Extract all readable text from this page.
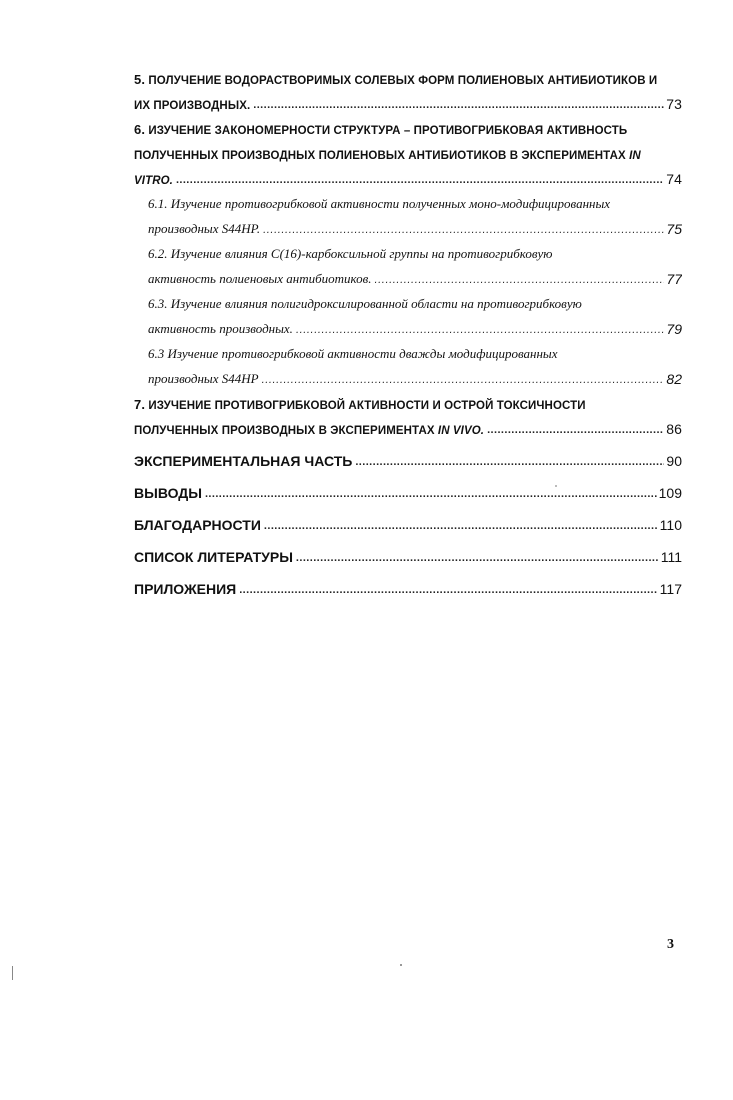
5. ПОЛУЧЕНИЕ ВОДОРАСТВОРИМЫХ СОЛЕВЫХ ФОРМ ПОЛИЕНОВЫХ АНТИБИОТИКОВ И
ИХ ПРОИЗВОДНЫХ. .....	73
6. ИЗУЧЕНИЕ ЗАКОНОМЕРНОСТИ СТРУКТУРА – ПРОТИВОГРИБКОВАЯ АКТИВНОСТЬ
ПОЛУЧЕННЫХ ПРОИЗВОДНЫХ ПОЛИЕНОВЫХ АНТИБИОТИКОВ В ЭКСПЕРИМЕНТАХ IN
VITRO. .....	74
6.1. Изучение противогрибковой активности полученных моно-модифицированных
производных S44HP. .....	75
6.2. Изучение влияния C(16)-карбоксильной группы на противогрибковую
активность полиеновых антибиотиков. .....	77
6.3. Изучение влияния полигидроксилированной области на противогрибковую
активность производных. .....	79
6.3 Изучение противогрибковой активности дважды модифицированных
производных S44HP .....	82
7. ИЗУЧЕНИЕ ПРОТИВОГРИБКОВОЙ АКТИВНОСТИ И ОСТРОЙ ТОКСИЧНОСТИ
ПОЛУЧЕННЫХ ПРОИЗВОДНЫХ В ЭКСПЕРИМЕНТАХ IN VIVO. .....	86
ЭКСПЕРИМЕНТАЛЬНАЯ ЧАСТЬ .....	90
ВЫВОДЫ .....	109
БЛАГОДАРНОСТИ .....	110
СПИСОК ЛИТЕРАТУРЫ .....	111
ПРИЛОЖЕНИЯ .....	117
3
